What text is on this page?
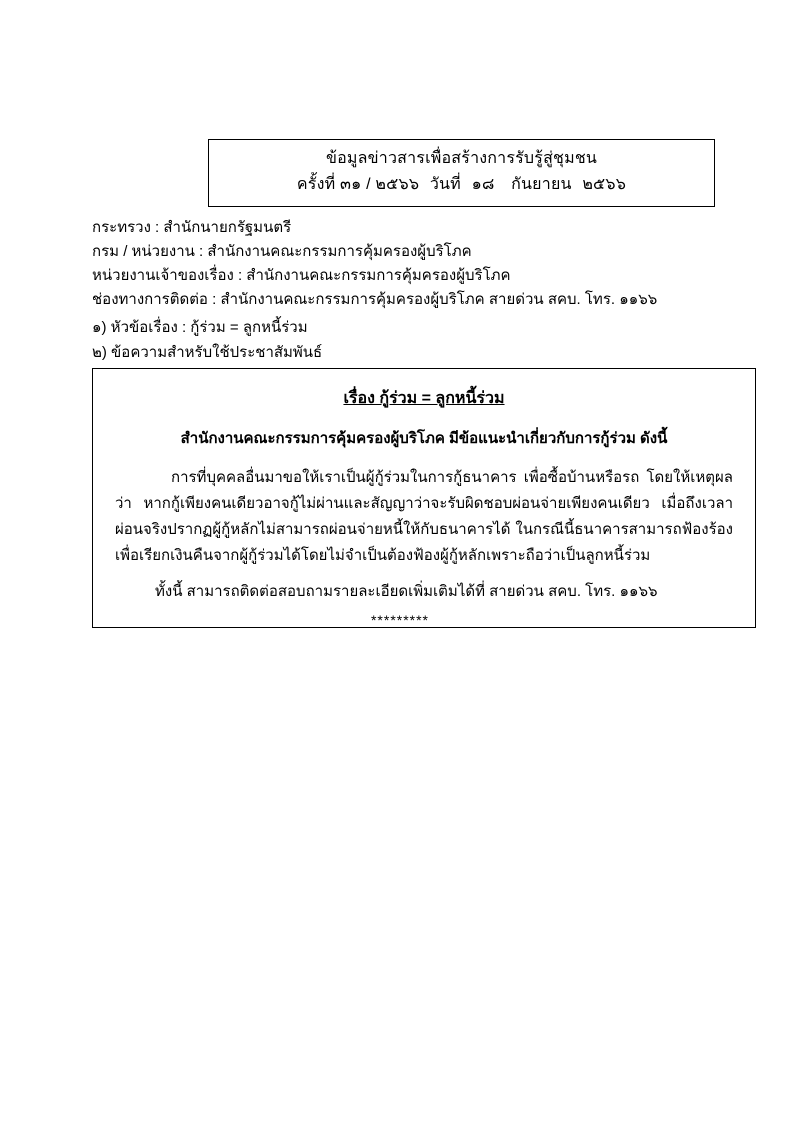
ข้อมูลข่าวสารเพื่อสร้างการรับรู้สู่ชุมชน
ครั้งที่ ๓๑ / ๒๕๖๖ วันที่ ๑๘ กันยายน ๒๕๖๖
กระทรวง : สำนักนายกรัฐมนตรี
กรม / หน่วยงาน : สำนักงานคณะกรรมการคุ้มครองผู้บริโภค
หน่วยงานเจ้าของเรื่อง : สำนักงานคณะกรรมการคุ้มครองผู้บริโภค
ช่องทางการติดต่อ : สำนักงานคณะกรรมการคุ้มครองผู้บริโภค สายด่วน สคบ. โทร. ๑๑๖๖
๑) หัวข้อเรื่อง : กู้ร่วม = ลูกหนี้ร่วม
๒) ข้อความสำหรับใช้ประชาสัมพันธ์
เรื่อง กู้ร่วม = ลูกหนี้ร่วม
สำนักงานคณะกรรมการคุ้มครองผู้บริโภค มีข้อแนะนำเกี่ยวกับการกู้ร่วม ดังนี้

การที่บุคคลอื่นมาขอให้เราเป็นผู้กู้ร่วมในการกู้ธนาคาร เพื่อซื้อบ้านหรือรถ โดยให้เหตุผลว่า หากกู้เพียงคนเดียวอาจกู้ไม่ผ่านและสัญญาว่าจะรับผิดชอบผ่อนจ่ายเพียงคนเดียว เมื่อถึงเวลาผ่อนจริงปรากฏผู้กู้หลักไม่สามารถผ่อนจ่ายหนี้ให้กับธนาคารได้ ในกรณีนี้ธนาคารสามารถฟ้องร้องเพื่อเรียกเงินคืนจากผู้กู้ร่วมได้โดยไม่จำเป็นต้องฟ้องผู้กู้หลักเพราะถือว่าเป็นลูกหนี้ร่วม

ทั้งนี้ สามารถติดต่อสอบถามรายละเอียดเพิ่มเติมได้ที่ สายด่วน สคบ. โทร. ๑๑๖๖

*********
